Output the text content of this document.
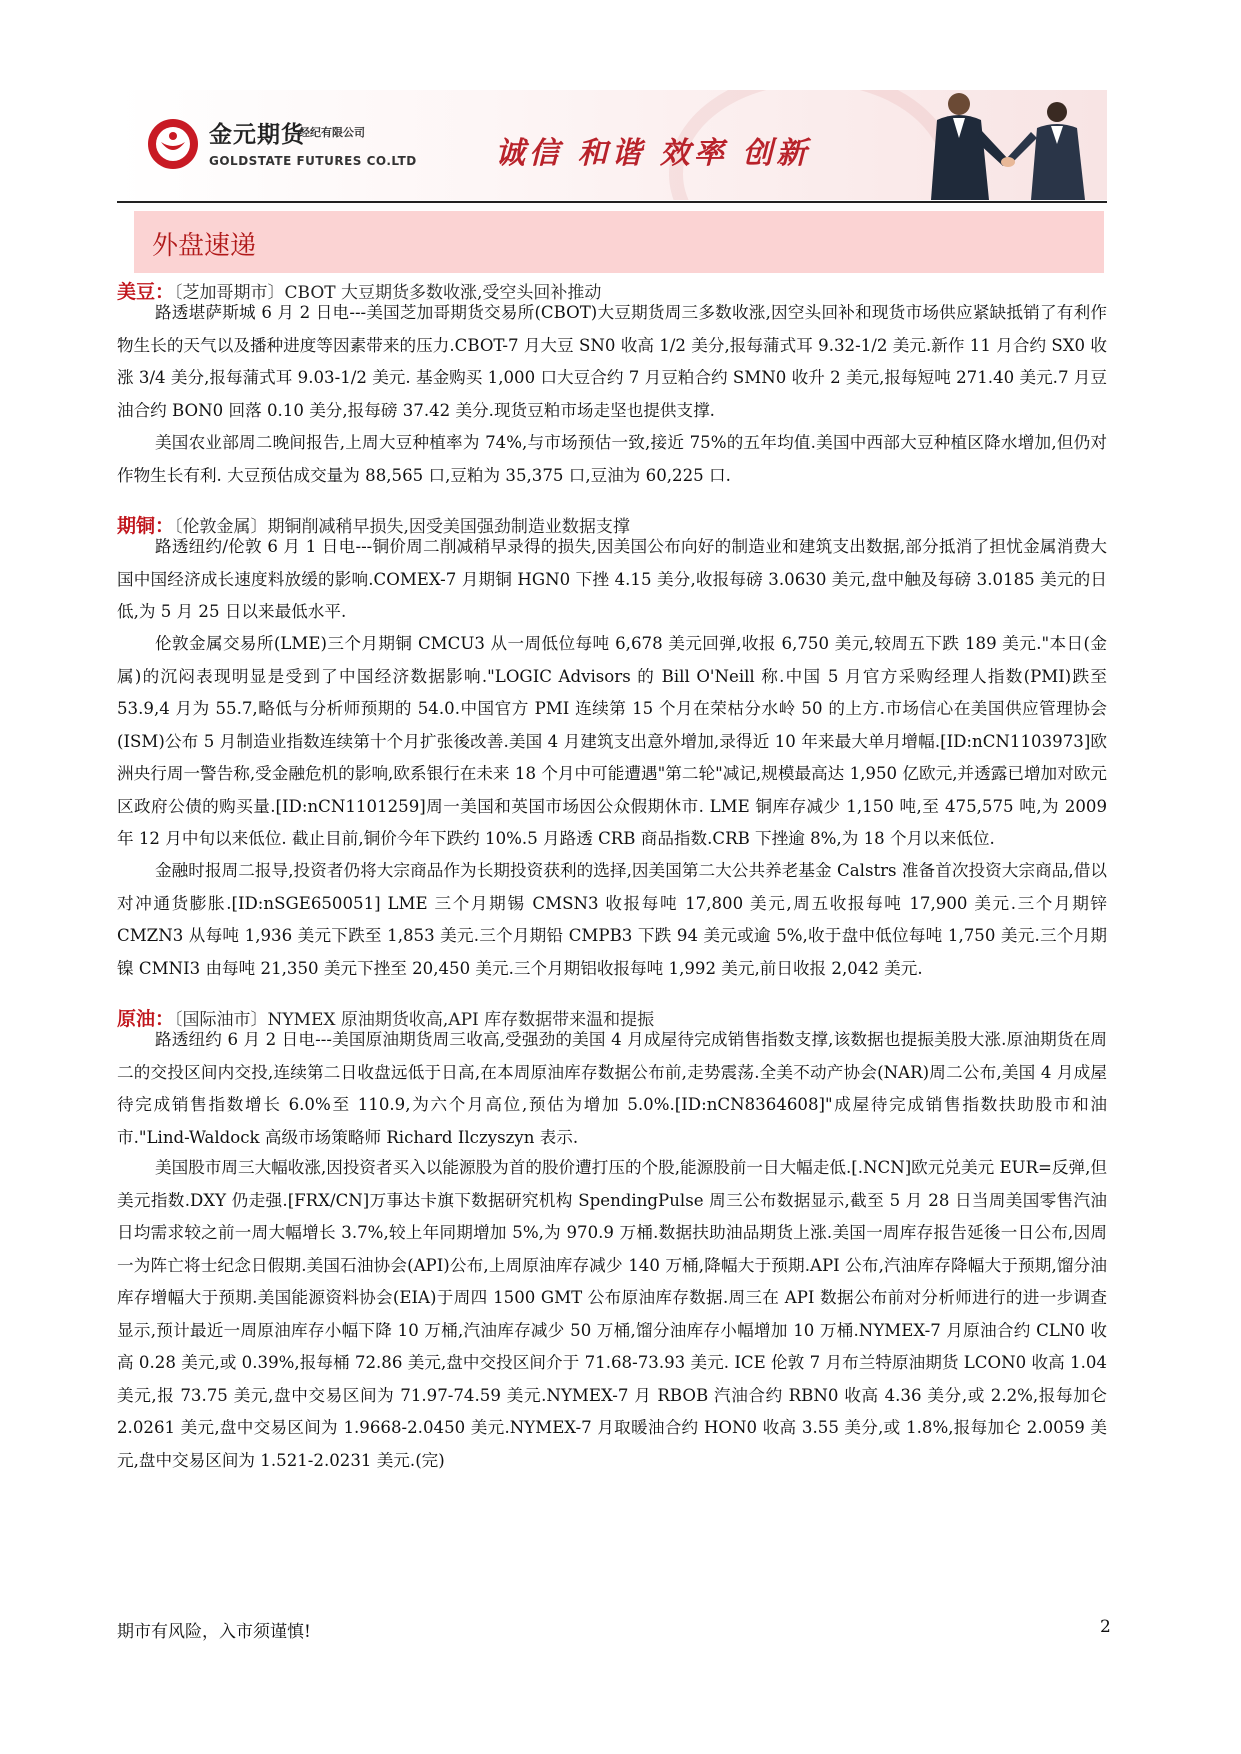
金元期货
经纪有限公司
GOLDSTATE FUTURES CO.LTD	诚信 和谐 效率 创新
外盘速递
美豆：〔芝加哥期市〕CBOT 大豆期货多数收涨,受空头回补推动

路透堪萨斯城 6 月 2 日电---美国芝加哥期货交易所(CBOT)大豆期货周三多数收涨,因空头回补和现货市场供应紧缺抵销了有利作物生长的天气以及播种进度等因素带来的压力.CBOT-7 月大豆 SN0 收高 1/2 美分,报每蒲式耳 9.32-1/2 美元.新作 11 月合约 SX0 收涨 3/4 美分,报每蒲式耳 9.03-1/2 美元. 基金购买 1,000 口大豆合约 7 月豆粕合约 SMN0 收升 2 美元,报每短吨 271.40 美元.7 月豆油合约 BON0 回落 0.10 美分,报每磅 37.42 美分.现货豆粕市场走坚也提供支撑.

美国农业部周二晚间报告,上周大豆种植率为 74%,与市场预估一致,接近 75%的五年均值.美国中西部大豆种植区降水增加,但仍对作物生长有利. 大豆预估成交量为 88,565 口,豆粕为 35,375 口,豆油为 60,225 口.

期铜：〔伦敦金属〕期铜削减稍早损失,因受美国强劲制造业数据支撑

路透纽约/伦敦 6 月 1 日电---铜价周二削减稍早录得的损失,因美国公布向好的制造业和建筑支出数据,部分抵消了担忧金属消费大国中国经济成长速度料放缓的影响.COMEX-7 月期铜 HGN0 下挫 4.15 美分,收报每磅 3.0630 美元,盘中触及每磅 3.0185 美元的日低,为 5 月 25 日以来最低水平.

伦敦金属交易所(LME)三个月期铜 CMCU3 从一周低位每吨 6,678 美元回弹,收报 6,750 美元,较周五下跌 189 美元."本日(金属)的沉闷表现明显是受到了中国经济数据影响."LOGIC Advisors 的 Bill O'Neill 称.中国 5 月官方采购经理人指数(PMI)跌至 53.9,4 月为 55.7,略低与分析师预期的 54.0.中国官方 PMI 连续第 15 个月在荣枯分水岭 50 的上方.市场信心在美国供应管理协会(ISM)公布 5 月制造业指数连续第十个月扩张後改善.美国 4 月建筑支出意外增加,录得近 10 年来最大单月增幅.[ID:nCN1103973]欧洲央行周一警告称,受金融危机的影响,欧系银行在未来 18 个月中可能遭遇"第二轮"减记,规模最高达 1,950 亿欧元,并透露已增加对欧元区政府公债的购买量.[ID:nCN1101259]周一美国和英国市场因公众假期休市. LME 铜库存减少 1,150 吨,至 475,575 吨,为 2009 年 12 月中旬以来低位. 截止目前,铜价今年下跌约 10%.5 月路透 CRB 商品指数.CRB 下挫逾 8%,为 18 个月以来低位.

金融时报周二报导,投资者仍将大宗商品作为长期投资获利的选择,因美国第二大公共养老基金 Calstrs 准备首次投资大宗商品,借以对冲通货膨胀.[ID:nSGE650051] LME 三个月期锡 CMSN3 收报每吨 17,800 美元,周五收报每吨 17,900 美元.三个月期锌 CMZN3 从每吨 1,936 美元下跌至 1,853 美元.三个月期铅 CMPB3 下跌 94 美元或逾 5%,收于盘中低位每吨 1,750 美元.三个月期镍 CMNI3 由每吨 21,350 美元下挫至 20,450 美元.三个月期铝收报每吨 1,992 美元,前日收报 2,042 美元.

原油：〔国际油市〕NYMEX 原油期货收高,API 库存数据带来温和提振

路透纽约 6 月 2 日电---美国原油期货周三收高,受强劲的美国 4 月成屋待完成销售指数支撑,该数据也提振美股大涨.原油期货在周二的交投区间内交投,连续第二日收盘远低于日高,在本周原油库存数据公布前,走势震荡.全美不动产协会(NAR)周二公布,美国 4 月成屋待完成销售指数增长 6.0%至 110.9,为六个月高位,预估为增加 5.0%.[ID:nCN8364608]"成屋待完成销售指数扶助股市和油市."Lind-Waldock 高级市场策略师 Richard Ilczyszyn 表示.

美国股市周三大幅收涨,因投资者买入以能源股为首的股价遭打压的个股,能源股前一日大幅走低.[.NCN]欧元兑美元 EUR=反弹,但美元指数.DXY 仍走强.[FRX/CN]万事达卡旗下数据研究机构 SpendingPulse 周三公布数据显示,截至 5 月 28 日当周美国零售汽油日均需求较之前一周大幅增长 3.7%,较上年同期增加 5%,为 970.9 万桶.数据扶助油品期货上涨.美国一周库存报告延後一日公布,因周一为阵亡将士纪念日假期.美国石油协会(API)公布,上周原油库存减少 140 万桶,降幅大于预期.API 公布,汽油库存降幅大于预期,馏分油库存增幅大于预期.美国能源资料协会(EIA)于周四 1500 GMT 公布原油库存数据.周三在 API 数据公布前对分析师进行的进一步调查显示,预计最近一周原油库存小幅下降 10 万桶,汽油库存减少 50 万桶,馏分油库存小幅增加 10 万桶.NYMEX-7 月原油合约 CLN0 收高 0.28 美元,或 0.39%,报每桶 72.86 美元,盘中交投区间介于 71.68-73.93 美元. ICE 伦敦 7 月布兰特原油期货 LCON0 收高 1.04 美元,报 73.75 美元,盘中交易区间为 71.97-74.59 美元.NYMEX-7 月 RBOB 汽油合约 RBN0 收高 4.36 美分,或 2.2%,报每加仑 2.0261 美元,盘中交易区间为 1.9668-2.0450 美元.NYMEX-7 月取暖油合约 HON0 收高 3.55 美分,或 1.8%,报每加仑 2.0059 美元,盘中交易区间为 1.521-2.0231 美元.(完)

期市有风险，入市须谨慎!	2
